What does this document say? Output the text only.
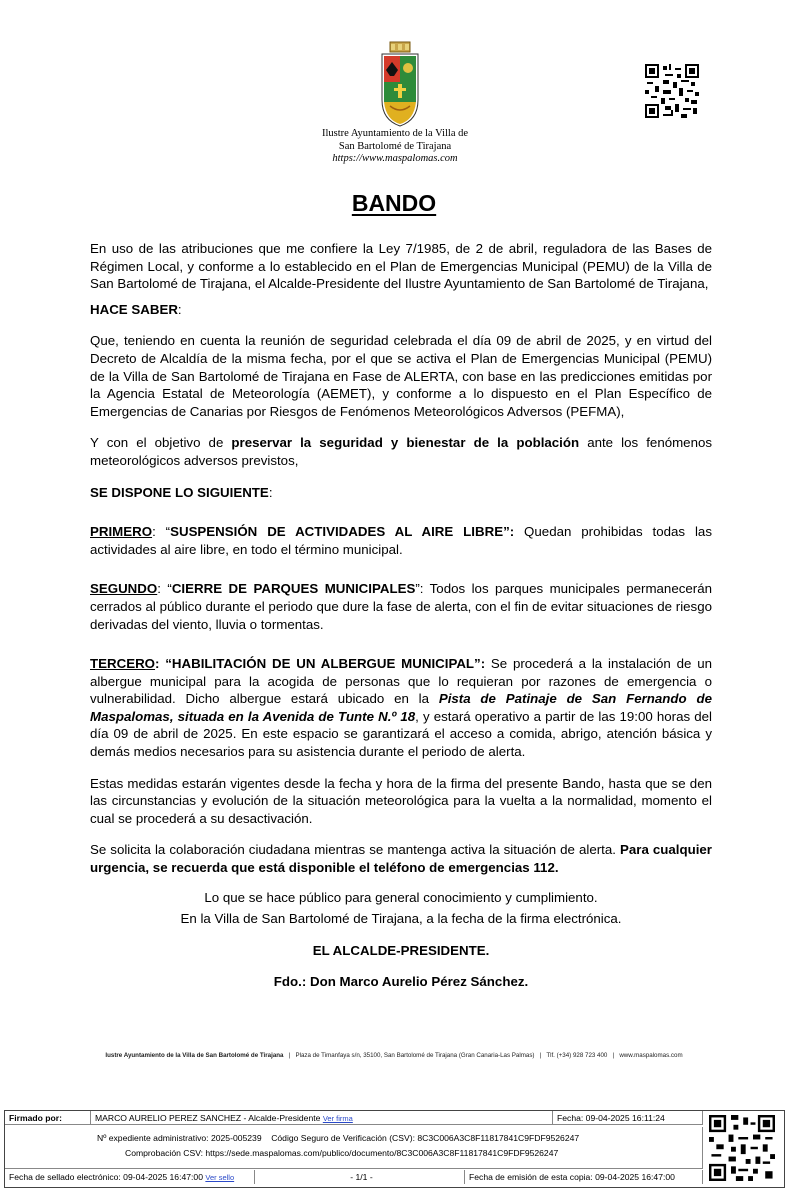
Ilustre Ayuntamiento de la Villa de
San Bartolomé de Tirajana
https://www.maspalomas.com
BANDO

En uso de las atribuciones que me confiere la Ley 7/1985, de 2 de abril, reguladora de las Bases de Régimen Local, y conforme a lo establecido en el Plan de Emergencias Municipal (PEMU) de la Villa de San Bartolomé de Tirajana, el Alcalde-Presidente del Ilustre Ayuntamiento de San Bartolomé de Tirajana,

HACE SABER:

Que, teniendo en cuenta la reunión de seguridad celebrada el día 09 de abril de 2025, y en virtud del Decreto de Alcaldía de la misma fecha, por el que se activa el Plan de Emergencias Municipal (PEMU) de la Villa de San Bartolomé de Tirajana en Fase de ALERTA, con base en las predicciones emitidas por la Agencia Estatal de Meteorología (AEMET), y conforme a lo dispuesto en el Plan Específico de Emergencias de Canarias por Riesgos de Fenómenos Meteorológicos Adversos (PEFMA),

Y con el objetivo de preservar la seguridad y bienestar de la población ante los fenómenos meteorológicos adversos previstos,

SE DISPONE LO SIGUIENTE:

PRIMERO: “SUSPENSIÓN DE ACTIVIDADES AL AIRE LIBRE”: Quedan prohibidas todas las actividades al aire libre, en todo el término municipal.

SEGUNDO: “CIERRE DE PARQUES MUNICIPALES”: Todos los parques municipales permanecerán cerrados al público durante el periodo que dure la fase de alerta, con el fin de evitar situaciones de riesgo derivadas del viento, lluvia o tormentas.

TERCERO: “HABILITACIÓN DE UN ALBERGUE MUNICIPAL”: Se procederá a la instalación de un albergue municipal para la acogida de personas que lo requieran por razones de emergencia o vulnerabilidad. Dicho albergue estará ubicado en la Pista de Patinaje de San Fernando de Maspalomas, situada en la Avenida de Tunte N.º 18, y estará operativo a partir de las 19:00 horas del día 09 de abril de 2025. En este espacio se garantizará el acceso a comida, abrigo, atención básica y demás medios necesarios para su asistencia durante el periodo de alerta.

Estas medidas estarán vigentes desde la fecha y hora de la firma del presente Bando, hasta que se den las circunstancias y evolución de la situación meteorológica para la vuelta a la normalidad, momento el cual se procederá a su desactivación.

Se solicita la colaboración ciudadana mientras se mantenga activa la situación de alerta. Para cualquier urgencia, se recuerda que está disponible el teléfono de emergencias 112.

Lo que se hace público para general conocimiento y cumplimiento.

En la Villa de San Bartolomé de Tirajana, a la fecha de la firma electrónica.

EL ALCALDE-PRESIDENTE.

Fdo.: Don Marco Aurelio Pérez Sánchez.

Iustre Ayuntamiento de la Villa de San Bartolomé de Tirajana | Plaza de Timanfaya s/n, 35100, San Bartolomé de Tirajana (Gran Canaria-Las Palmas) | Tlf. (+34) 928 723 400 | www.maspalomas.com
Firmado por:	MARCO AURELIO PEREZ SANCHEZ - Alcalde-Presidente Ver firma	Fecha: 09-04-2025 16:11:24
Nº expediente administrativo: 2025-005239 Código Seguro de Verificación (CSV): 8C3C006A3C8F11817841C9FDF9526247
Comprobación CSV: https://sede.maspalomas.com/publico/documento/8C3C006A3C8F11817841C9FDF9526247
Fecha de sellado electrónico: 09-04-2025 16:47:00 Ver sello	- 1/1 -	Fecha de emisión de esta copia: 09-04-2025 16:47:00
